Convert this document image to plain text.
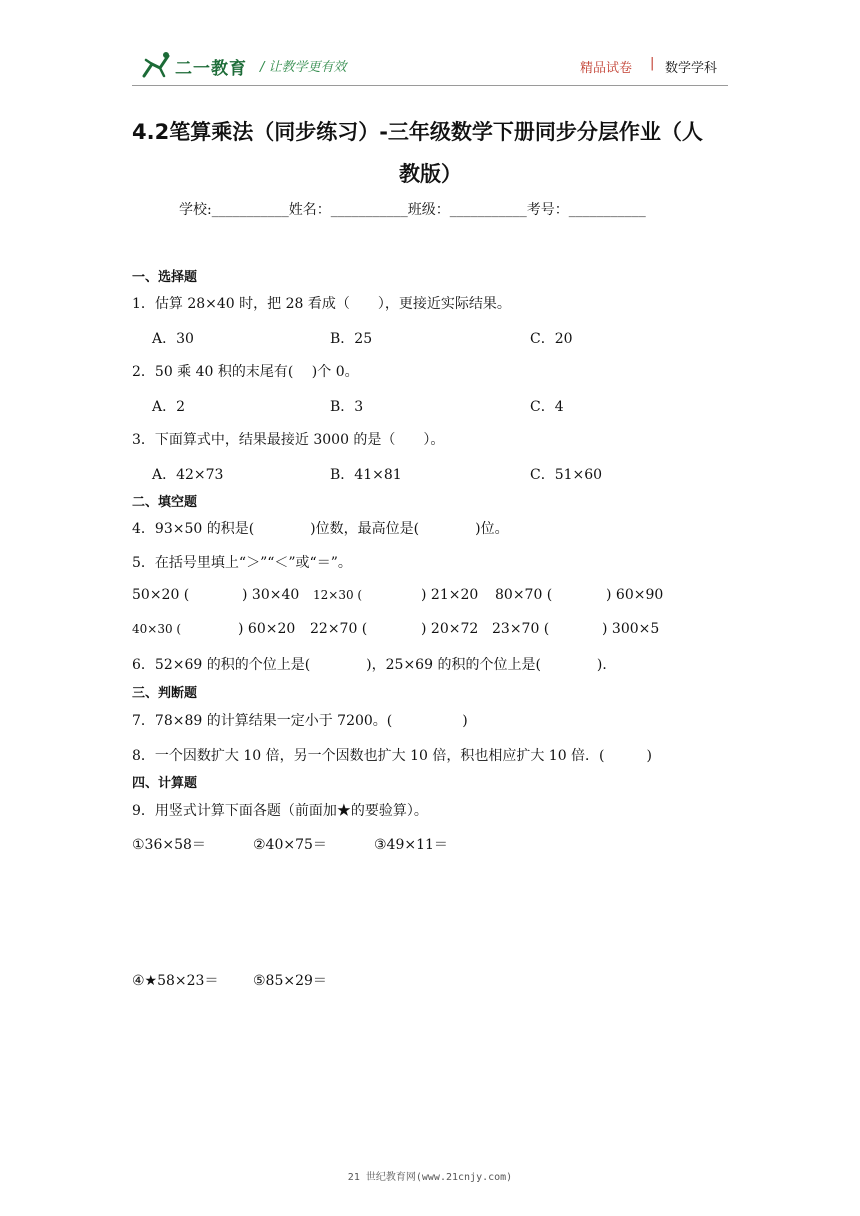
二一教育 / 让教学更有效	精品试卷 | 数学学科
4.2笔算乘法（同步练习）-三年级数学下册同步分层作业（人
教版）
学校:___________姓名：___________班级：___________考号：___________
一、选择题
1．估算 28×40 时，把 28 看成（　　），更接近实际结果。
A．30	B．25	C．20
2．50 乘 40 积的末尾有(　 )个 0。
A．2	B．3	C．4
3．下面算式中，结果最接近 3000 的是（　　）。
A．42×73	B．41×81	C．51×60
二、填空题
4．93×50 的积是(　　　　)位数，最高位是(　　　　)位。
5．在括号里填上“＞”“＜”或“＝”。
50×20 (	) 30×40 12×30 (	) 21×20 80×70 (	) 60×90
40×30 (	) 60×20 22×70 (	) 20×72 23×70 (	) 300×5
6．52×69 的积的个位上是(　　　　)，25×69 的积的个位上是(　　　　)．
三、判断题
7．78×89 的计算结果一定小于 7200。(　　　　　)
8．一个因数扩大 10 倍，另一个因数也扩大 10 倍，积也相应扩大 10 倍．(　　　)
四、计算题
9．用竖式计算下面各题（前面加★的要验算）。
①36×58＝	②40×75＝	③49×11＝
④★58×23＝ ⑤85×29＝
21 世纪教育网(www.21cnjy.com)
